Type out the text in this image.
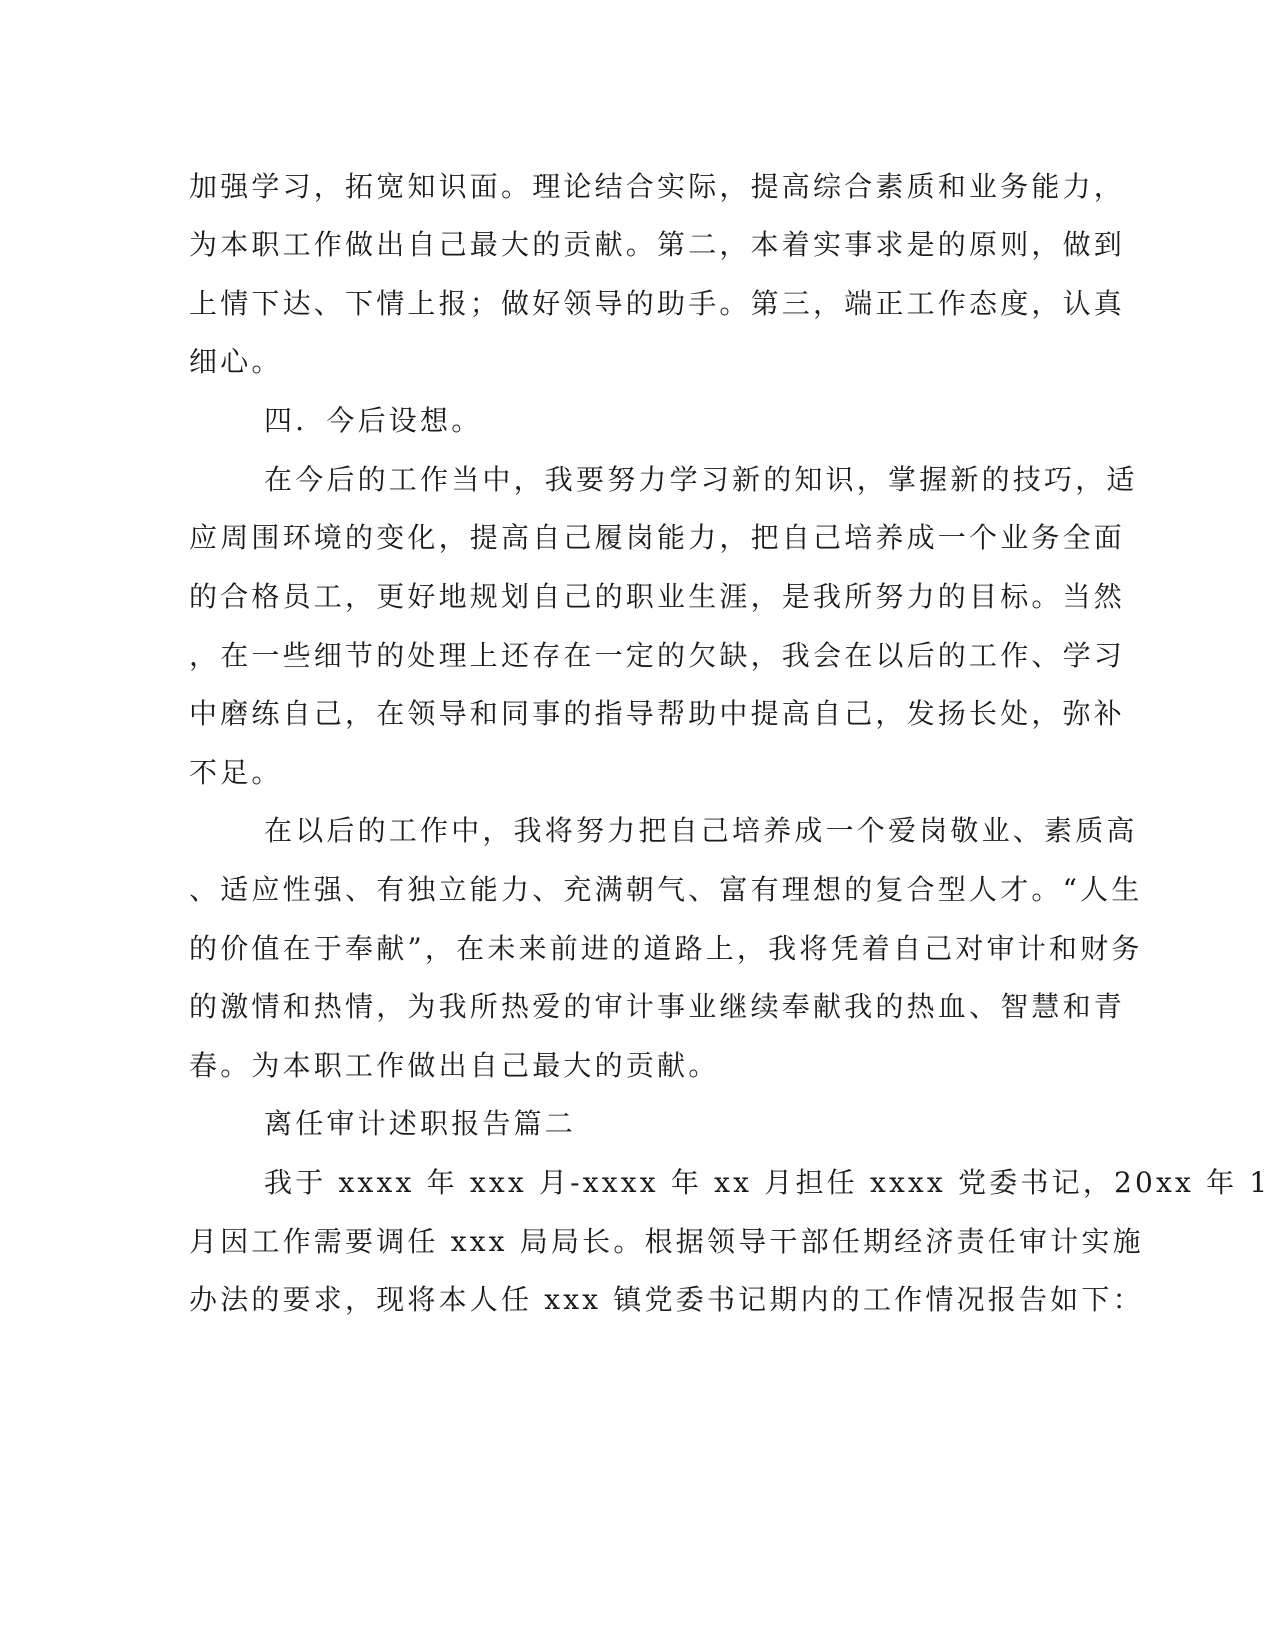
加强学习，拓宽知识面。理论结合实际，提高综合素质和业务能力，
为本职工作做出自己最大的贡献。第二，本着实事求是的原则，做到
上情下达、下情上报；做好领导的助手。第三，端正工作态度，认真
细心。
四．今后设想。
在今后的工作当中，我要努力学习新的知识，掌握新的技巧，适
应周围环境的变化，提高自己履岗能力，把自己培养成一个业务全面
的合格员工，更好地规划自己的职业生涯，是我所努力的目标。当然
，在一些细节的处理上还存在一定的欠缺，我会在以后的工作、学习
中磨练自己，在领导和同事的指导帮助中提高自己，发扬长处，弥补
不足。
在以后的工作中，我将努力把自己培养成一个爱岗敬业、素质高
、适应性强、有独立能力、充满朝气、富有理想的复合型人才。“人生
的价值在于奉献”，在未来前进的道路上，我将凭着自己对审计和财务
的激情和热情，为我所热爱的审计事业继续奉献我的热血、智慧和青
春。为本职工作做出自己最大的贡献。
离任审计述职报告篇二
我于 xxxx 年 xxx 月-xxxx 年 xx 月担任 xxxx 党委书记，20xx 年 1
月因工作需要调任 xxx 局局长。根据领导干部任期经济责任审计实施
办法的要求，现将本人任 xxx 镇党委书记期内的工作情况报告如下：
